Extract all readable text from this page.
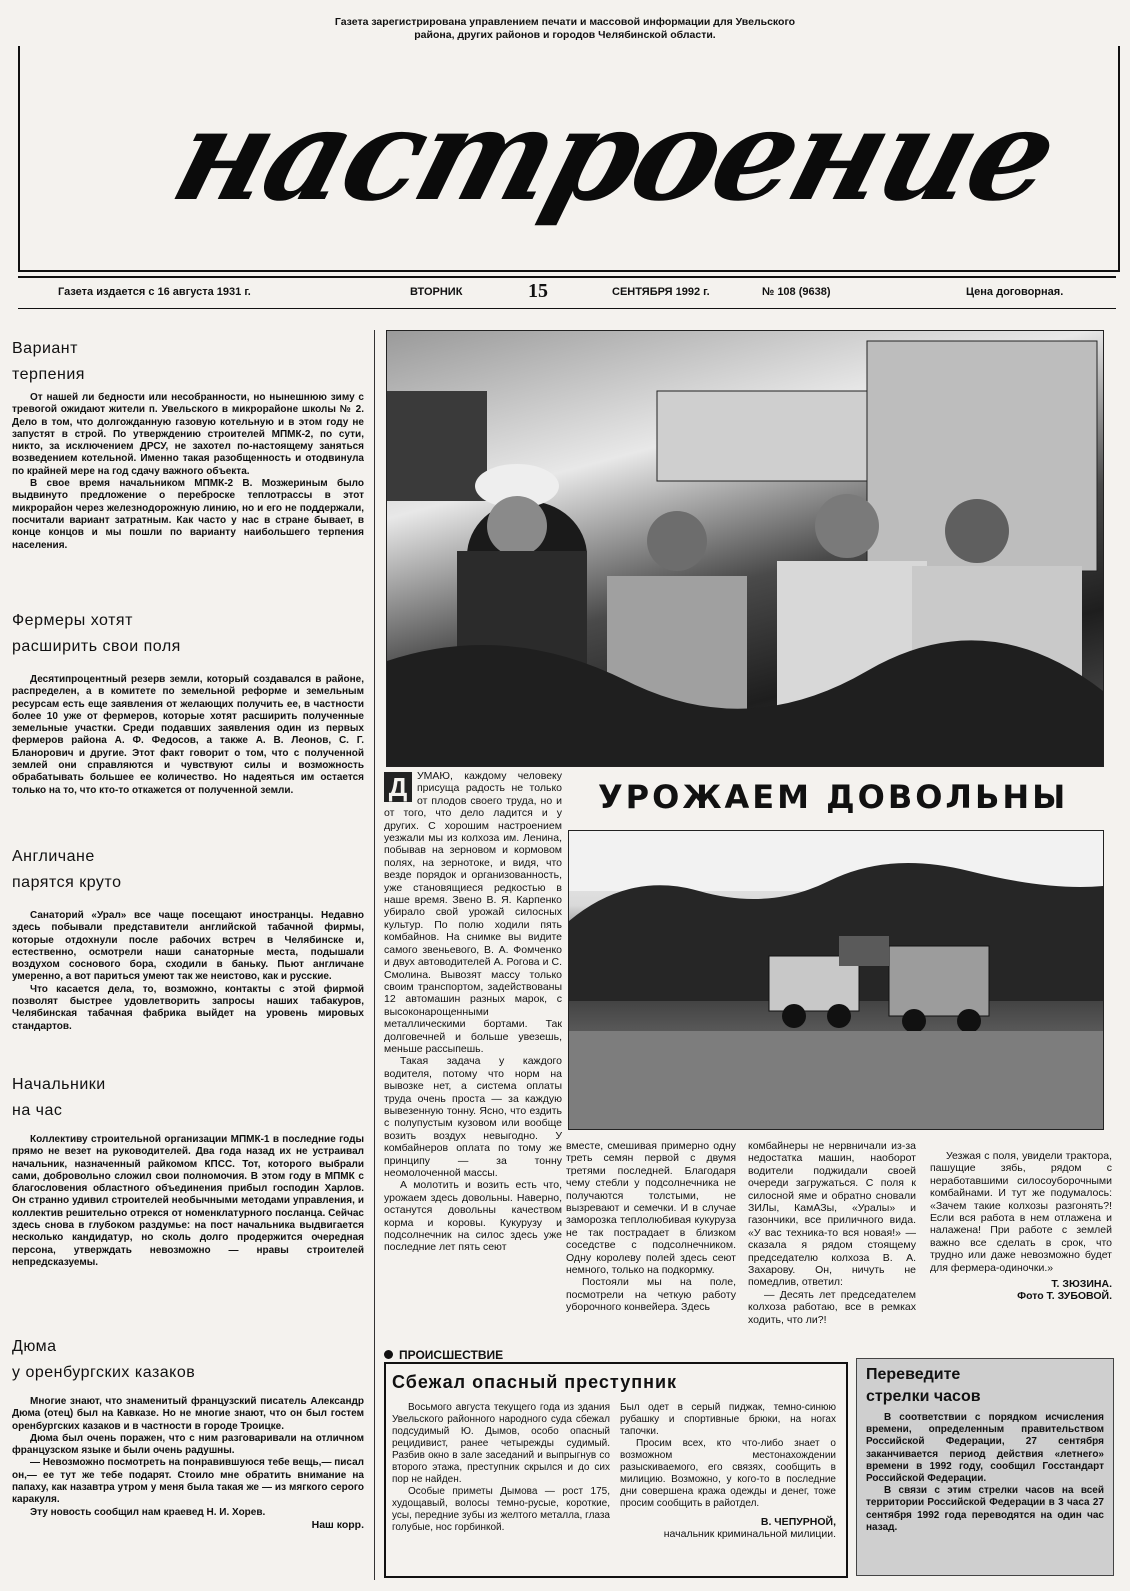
Газета зарегистрирована управлением печати и массовой информации для Увельского района, других районов и городов Челябинской области.
​ настроение
Газета издается с 16 августа 1931 г.	ВТОРНИК	15	СЕНТЯБРЯ 1992 г.	№ 108 (9638)	Цена договорная.
Вариант
терпения

От нашей ли бедности или несобранности, но нынешнюю зиму с тревогой ожидают жители п. Увельского в микрорайоне школы № 2. Дело в том, что долгожданную газовую котельную и в этом году не запустят в строй. По утверждению строителей МПМК-2, по сути, никто, за исключением ДРСУ, не захотел по-настоящему заняться возведением котельной. Именно такая разобщенность и отодвинула по крайней мере на год сдачу важного объекта.

В свое время начальником МПМК-2 В. Мозжериным было выдвинуто предложение о переброске теплотрассы в этот микрорайон через железнодорожную линию, но и его не поддержали, посчитали вариант затратным. Как часто у нас в стране бывает, в конце концов и мы пошли по варианту наибольшего терпения населения.

Фермеры хотят
расширить свои поля

Десятипроцентный резерв земли, который создавался в районе, распределен, а в комитете по земельной реформе и земельным ресурсам есть еще заявления от желающих получить ее, в частности более 10 уже от фермеров, которые хотят расширить полученные земельные участки. Среди подавших заявления один из первых фермеров района А. Ф. Федосов, а также А. В. Леонов, С. Г. Бланорович и другие. Этот факт говорит о том, что с полученной землей они справляются и чувствуют силы и возможность обрабатывать большее ее количество. Но надеяться им остается только на то, что кто-то откажется от полученной земли.

Англичане
парятся круто

Санаторий «Урал» все чаще посещают иностранцы. Недавно здесь побывали представители английской табачной фирмы, которые отдохнули после рабочих встреч в Челябинске и, естественно, осмотрели наши санаторные места, подышали воздухом соснового бора, сходили в баньку. Пьют англичане умеренно, а вот париться умеют так же неистово, как и русские.

Что касается дела, то, возможно, контакты с этой фирмой позволят быстрее удовлетворить запросы наших табакуров, Челябинская табачная фабрика выйдет на уровень мировых стандартов.

Начальники
на час

Коллективу строительной организации МПМК-1 в последние годы прямо не везет на руководителей. Два года назад их не устраивал начальник, назначенный райкомом КПСС. Тот, которого выбрали сами, добровольно сложил свои полномочия. В этом году в МПМК с благословения областного объединения прибыл господин Харлов. Он странно удивил строителей необычными методами управления, и коллектив решительно отрекся от номенклатурного посланца. Сейчас здесь снова в глубоком раздумье: на пост начальника выдвигается несколько кандидатур, но сколь долго продержится очередная персона, утверждать невозможно — нравы строителей непредсказуемы.

Дюма
у оренбургских казаков

Многие знают, что знаменитый французский писатель Александр Дюма (отец) был на Кавказе. Но не многие знают, что он был гостем оренбургских казаков и в частности в городе Троицке.

Дюма был очень поражен, что с ним разговаривали на отличном французском языке и были очень радушны.

— Невозможно посмотреть на понравившуюся тебе вещь,— писал он,— ее тут же тебе подарят. Стоило мне обратить внимание на папаху, как назавтра утром у меня была такая же — из мягкого серого каракуля.

Эту новость сообщил нам краевед Н. И. Хорев.

Наш корр.
УРОЖАЕМ ДОВОЛЬНЫ

Д УМАЮ, каждому человеку присуща радость не только от плодов своего труда, но и от того, что дело ладится и у других. С хорошим настроением уезжали мы из колхоза им. Ленина, побывав на зерновом и кормовом полях, на зернотоке, и видя, что везде порядок и организованность, уже становящиеся редкостью в наше время. Звено В. Я. Карпенко убирало свой урожай силосных культур. По полю ходили пять комбайнов. На снимке вы видите самого звеньевого, В. А. Фомченко и двух автоводителей А. Рогова и С. Смолина. Вывозят массу только своим транспортом, задействованы 12 автомашин разных марок, с высоконарощенными металлическими бортами. Так долговечней и больше увезешь, меньше рассыпешь.

Такая задача у каждого водителя, потому что норм на вывозке нет, а система оплаты труда очень проста — за каждую вывезенную тонну. Ясно, что ездить с полупустым кузовом или вообще возить воздух невыгодно. У комбайнеров оплата по тому же принципу — за тонну неомолоченной массы.

А молотить и возить есть что, урожаем здесь довольны. Наверно, останутся довольны качеством корма и коровы. Кукурузу и подсолнечник на силос здесь уже последние лет пять сеют

вместе, смешивая примерно одну треть семян первой с двумя третями последней. Благодаря чему стебли у подсолнечника не получаются толстыми, не вызревают и семечки. И в случае заморозка теплолюбивая кукуруза не так пострадает в близком соседстве с подсолнечником. Одну королеву полей здесь сеют немного, только на подкормку.

Постояли мы на поле, посмотрели на четкую работу уборочного конвейера. Здесь

комбайнеры не нервничали из-за недостатка машин, наоборот водители поджидали своей очереди загружаться. С поля к силосной яме и обратно сновали ЗИЛы, КамАЗы, «Уралы» и газончики, все приличного вида. «У вас техника-то вся новая!» — сказала я рядом стоящему председателю колхоза В. А. Захарову. Он, ничуть не помедлив, ответил:

— Десять лет председателем колхоза работаю, все в ремках ходить, что ли?!

Уезжая с поля, увидели трактора, пашущие зябь, рядом с неработавшими силосоуборочными комбайнами. И тут же подумалось: «Зачем такие колхозы разгонять?! Если вся работа в нем отлажена и налажена! При работе с землей важно все сделать в срок, что трудно или даже невозможно будет для фермера-одиночки.»

Т. ЗЮЗИНА.
Фото Т. ЗУБОВОЙ.
ПРОИСШЕСТВИЕ
Сбежал опасный преступник

Восьмого августа текущего года из здания Увельского районного народного суда сбежал подсудимый Ю. Дымов, особо опасный рецидивист, ранее четырежды судимый. Разбив окно в зале заседаний и выпрыгнув со второго этажа, преступник скрылся и до сих пор не найден.

Особые приметы Дымова — рост 175, худощавый, волосы темно-русые, короткие, усы, передние зубы из желтого металла, глаза голубые, нос горбинкой.

Был одет в серый пиджак, темно-синюю рубашку и спортивные брюки, на ногах тапочки.

Просим всех, кто что-либо знает о возможном местонахождении разыскиваемого, его связях, сообщить в милицию. Возможно, у кого-то в последние дни совершена кража одежды и денег, тоже просим сообщить в райотдел.

В. ЧЕПУРНОЙ,
начальник криминальной милиции.
Переведите
стрелки часов

В соответствии с порядком исчисления времени, определенным правительством Российской Федерации, 27 сентября заканчивается период действия «летнего» времени в 1992 году, сообщил Госстандарт Российской Федерации.

В связи с этим стрелки часов на всей территории Российской Федерации в 3 часа 27 сентября 1992 года переводятся на один час назад.
